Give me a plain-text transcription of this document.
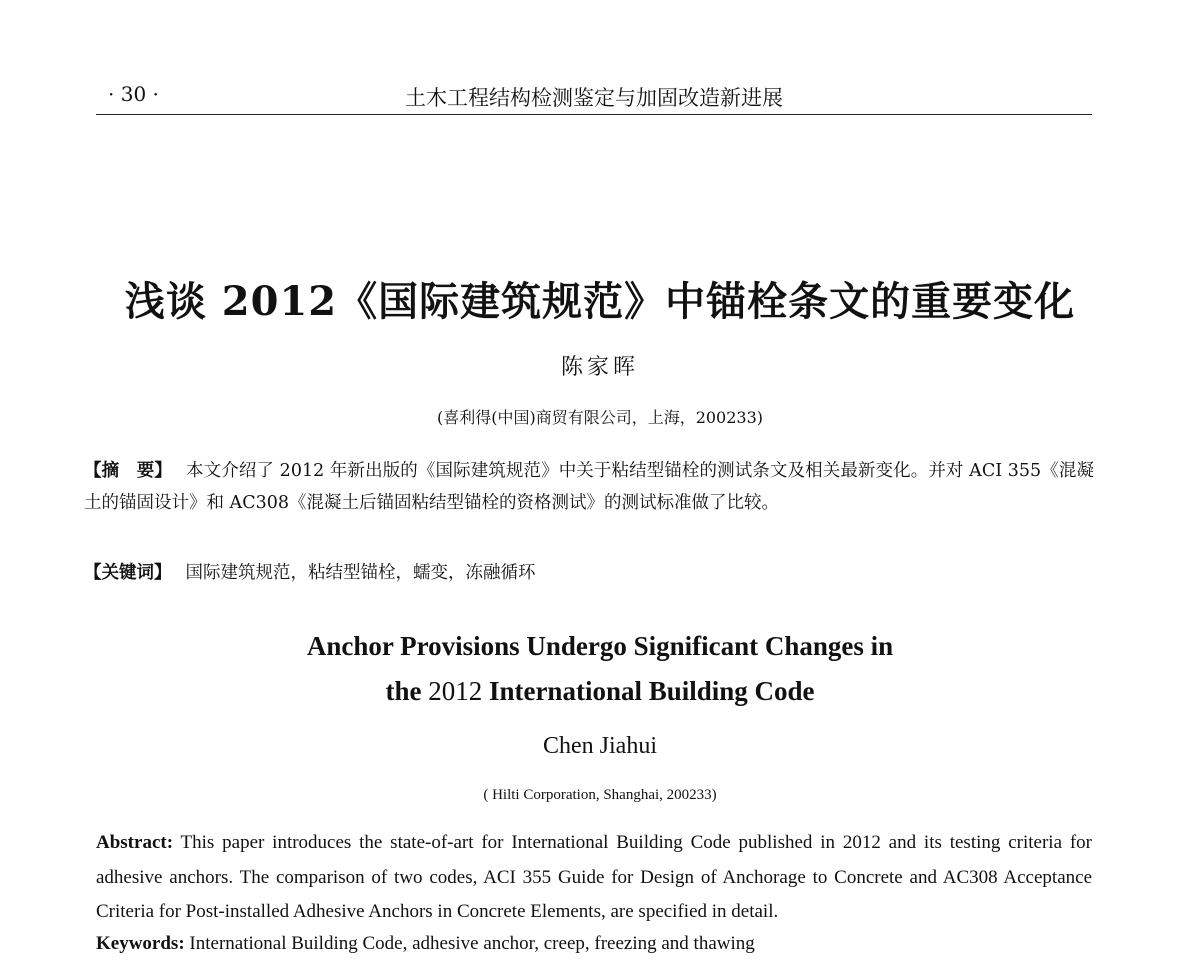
· 30 ·	土木工程结构检测鉴定与加固改造新进展
浅谈 2012《国际建筑规范》中锚栓条文的重要变化
陈家晖
(喜利得(中国)商贸有限公司，上海，200233)
【摘　要】 本文介绍了 2012 年新出版的《国际建筑规范》中关于粘结型锚栓的测试条文及相关最新变化。并对 ACI 355《混凝土的锚固设计》和 AC308《混凝土后锚固粘结型锚栓的资格测试》的测试标准做了比较。
【关键词】 国际建筑规范，粘结型锚栓，蠕变，冻融循环
Anchor Provisions Undergo Significant Changes in
the 2012 International Building Code
Chen Jiahui
( Hilti Corporation, Shanghai, 200233)
Abstract: This paper introduces the state-of-art for International Building Code published in 2012 and its testing criteria for adhesive anchors. The comparison of two codes, ACI 355 Guide for Design of Anchorage to Concrete and AC308 Acceptance Criteria for Post-installed Adhesive Anchors in Concrete Elements, are specified in detail.
Keywords: International Building Code, adhesive anchor, creep, freezing and thawing
